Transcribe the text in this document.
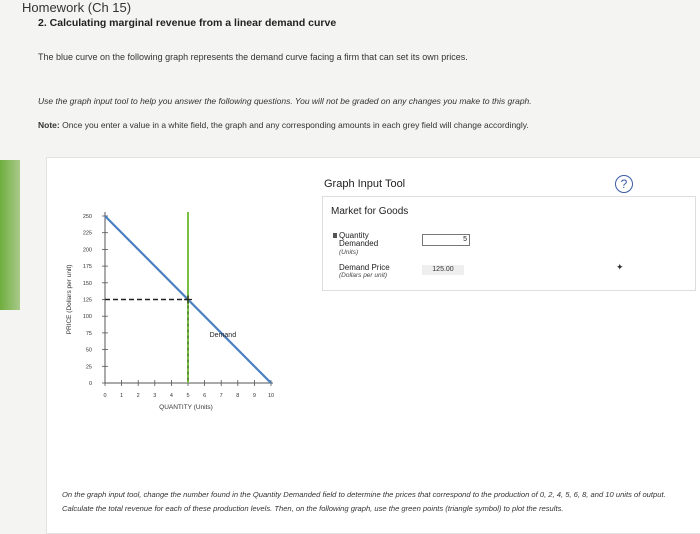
Homework (Ch 15)
2. Calculating marginal revenue from a linear demand curve
The blue curve on the following graph represents the demand curve facing a firm that can set its own prices.
Use the graph input tool to help you answer the following questions. You will not be graded on any changes you make to this graph.
Note: Once you enter a value in a white field, the graph and any corresponding amounts in each grey field will change accordingly.
0
25
50
75
100
125
150
175
200
225
250
0 1 2 3 4 5 6 7 8 9 10
QUANTITY (Units)
PRICE (Dollars per unit)
Demand
Graph Input Tool	?
Market for Goods
Quantity
Demanded
(Units)
5
Demand Price
(Dollars per unit)
125.00	✦
On the graph input tool, change the number found in the Quantity Demanded field to determine the prices that correspond to the production of 0, 2, 4, 5, 6, 8, and 10 units of output. Calculate the total revenue for each of these production levels. Then, on the following graph, use the green points (triangle symbol) to plot the results.
